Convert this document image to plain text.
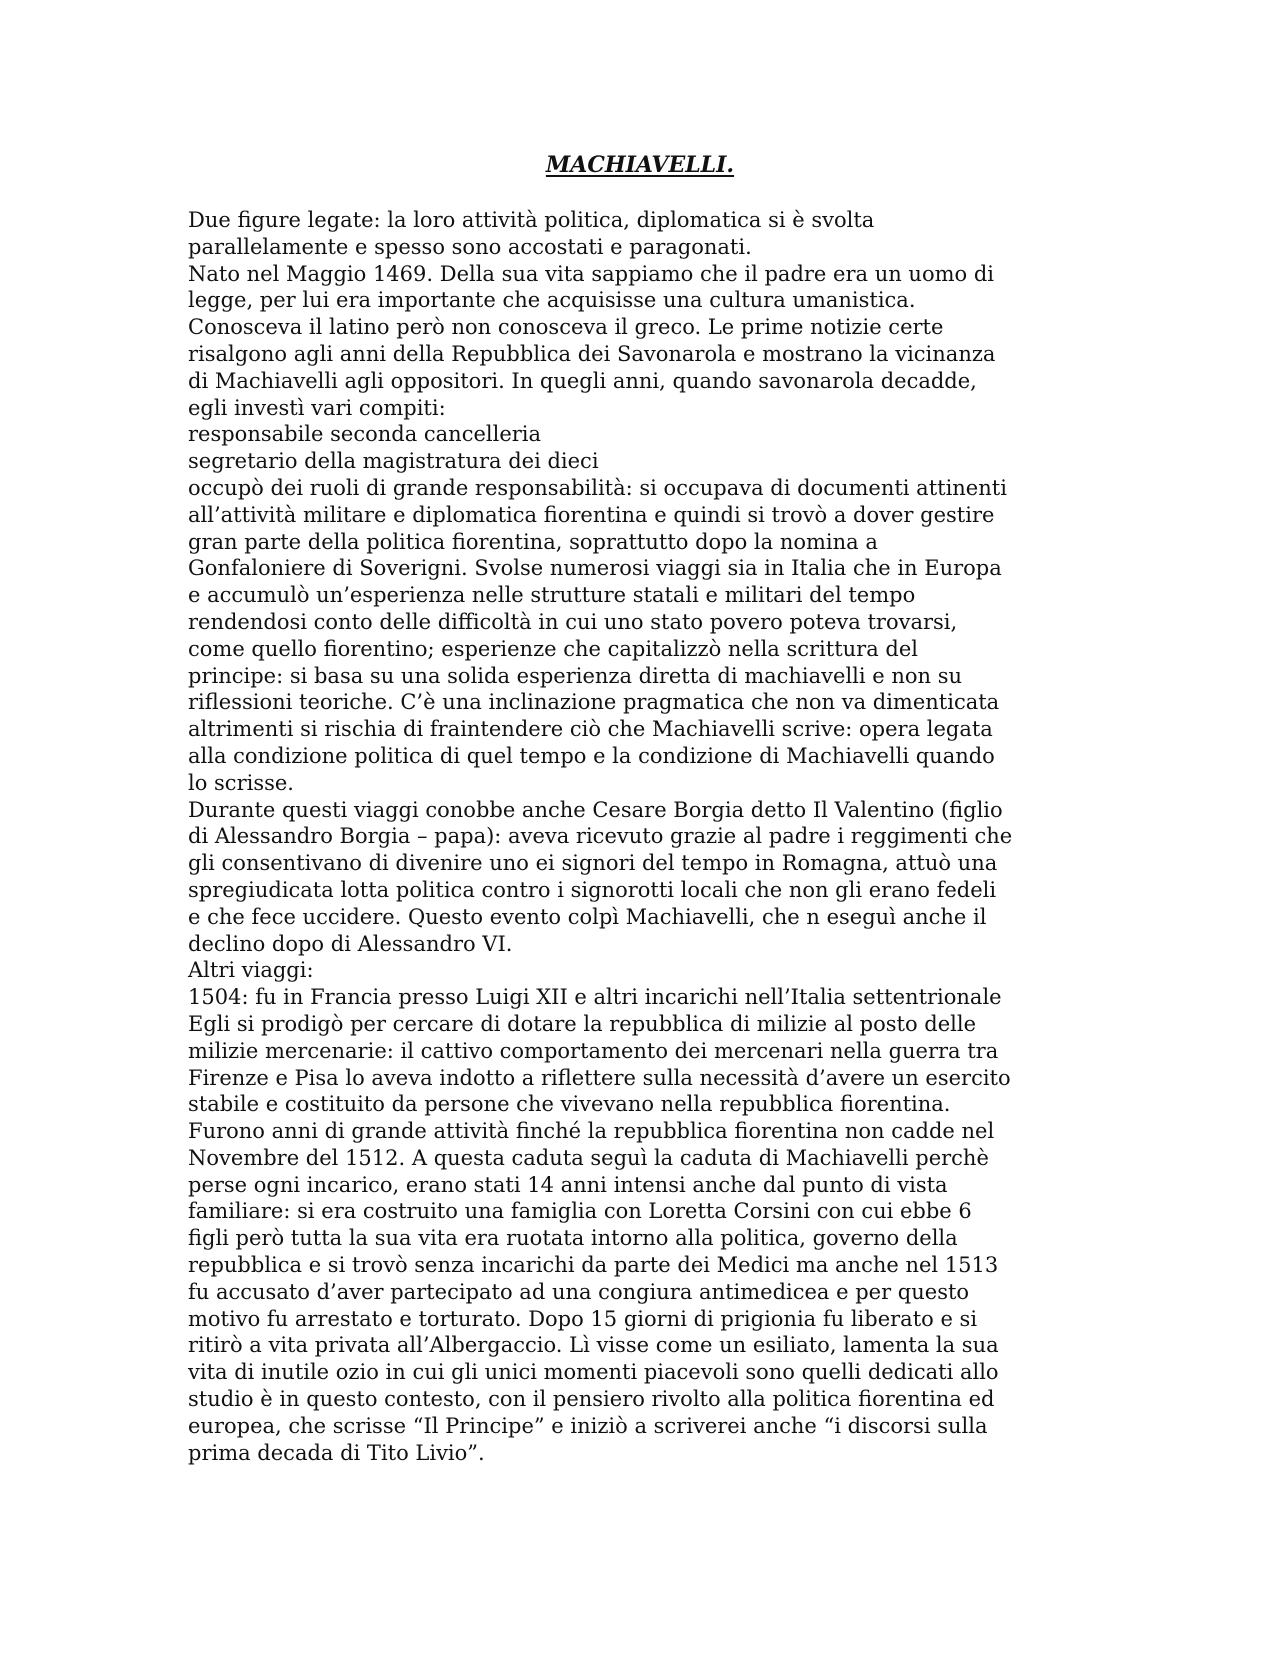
MACHIAVELLI.
Due figure legate: la loro attività politica, diplomatica si è svolta
parallelamente e spesso sono accostati e paragonati.
Nato nel Maggio 1469. Della sua vita sappiamo che il padre era un uomo di
legge, per lui era importante che acquisisse una cultura umanistica.
Conosceva il latino però non conosceva il greco. Le prime notizie certe
risalgono agli anni della Repubblica dei Savonarola e mostrano la vicinanza
di Machiavelli agli oppositori. In quegli anni, quando savonarola decadde,
egli investì vari compiti:
responsabile seconda cancelleria
segretario della magistratura dei dieci
occupò dei ruoli di grande responsabilità: si occupava di documenti attinenti
all’attività militare e diplomatica fiorentina e quindi si trovò a dover gestire
gran parte della politica fiorentina, soprattutto dopo la nomina a
Gonfaloniere di Soverigni. Svolse numerosi viaggi sia in Italia che in Europa
e accumulò un’esperienza nelle strutture statali e militari del tempo
rendendosi conto delle difficoltà in cui uno stato povero poteva trovarsi,
come quello fiorentino; esperienze che capitalizzò nella scrittura del
principe: si basa su una solida esperienza diretta di machiavelli e non su
riflessioni teoriche. C’è una inclinazione pragmatica che non va dimenticata
altrimenti si rischia di fraintendere ciò che Machiavelli scrive: opera legata
alla condizione politica di quel tempo e la condizione di Machiavelli quando
lo scrisse.
Durante questi viaggi conobbe anche Cesare Borgia detto Il Valentino (figlio
di Alessandro Borgia – papa): aveva ricevuto grazie al padre i reggimenti che
gli consentivano di divenire uno ei signori del tempo in Romagna, attuò una
spregiudicata lotta politica contro i signorotti locali che non gli erano fedeli
e che fece uccidere. Questo evento colpì Machiavelli, che n eseguì anche il
declino dopo di Alessandro VI.
Altri viaggi:
1504: fu in Francia presso Luigi XII e altri incarichi nell’Italia settentrionale
Egli si prodigò per cercare di dotare la repubblica di milizie al posto delle
milizie mercenarie: il cattivo comportamento dei mercenari nella guerra tra
Firenze e Pisa lo aveva indotto a riflettere sulla necessità d’avere un esercito
stabile e costituito da persone che vivevano nella repubblica fiorentina.
Furono anni di grande attività finché la repubblica fiorentina non cadde nel
Novembre del 1512. A questa caduta seguì la caduta di Machiavelli perchè
perse ogni incarico, erano stati 14 anni intensi anche dal punto di vista
familiare: si era costruito una famiglia con Loretta Corsini con cui ebbe 6
figli però tutta la sua vita era ruotata intorno alla politica, governo della
repubblica e si trovò senza incarichi da parte dei Medici ma anche nel 1513
fu accusato d’aver partecipato ad una congiura antimedicea e per questo
motivo fu arrestato e torturato. Dopo 15 giorni di prigionia fu liberato e si
ritirò a vita privata all’Albergaccio. Lì visse come un esiliato, lamenta la sua
vita di inutile ozio in cui gli unici momenti piacevoli sono quelli dedicati allo
studio è in questo contesto, con il pensiero rivolto alla politica fiorentina ed
europea, che scrisse “Il Principe” e iniziò a scriverei anche “i discorsi sulla
prima decada di Tito Livio”.
